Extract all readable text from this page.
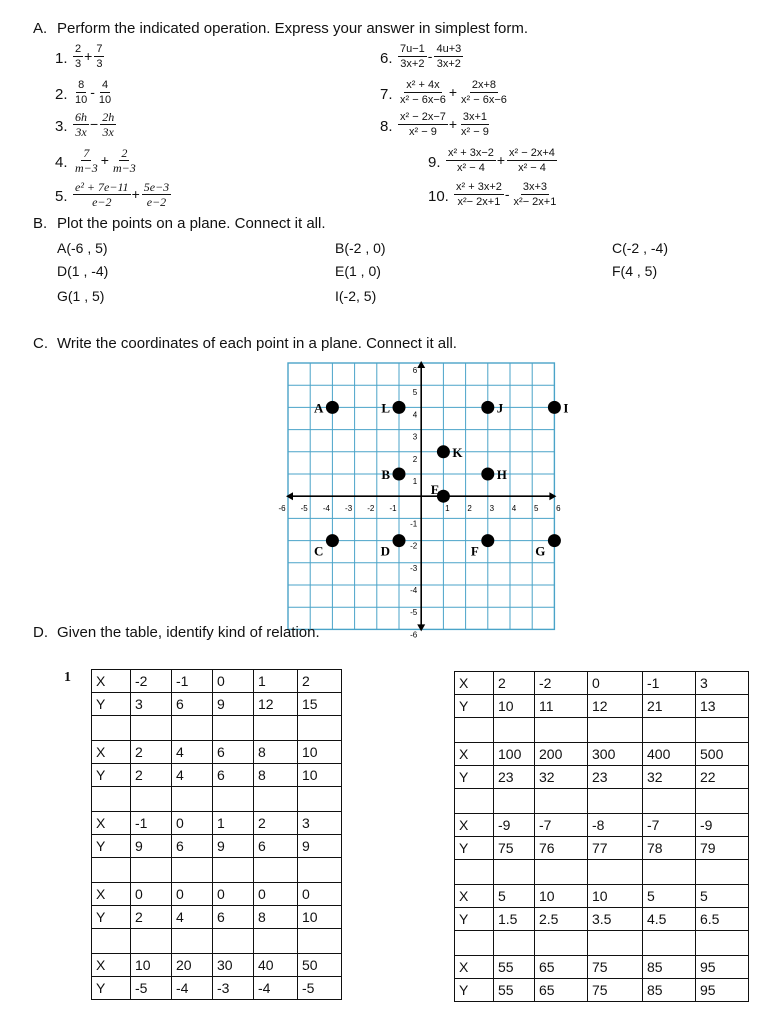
A. Perform the indicated operation. Express your answer in simplest form.
1. $\frac{2}{3} + \frac{7}{3}$
2. $\frac{8}{10} - \frac{4}{10}$
3. $\frac{6h}{3x} - \frac{2h}{3x}$
4. $\frac{7}{m-3} + \frac{2}{m-3}$
5. $\frac{\text{e² + 7e−11}}{e-2} + \frac{5e-3}{e-2}$
6. $\frac{7u-1}{3x+2} - \frac{4u+3}{3x+2}$
7. $\frac{\text{x² + 4x}}{\text{x² − 6x−6}} + \frac{2x+8}{\text{x² − 6x−6}}$
8. $\frac{\text{x² − 2x−7}}{\text{x² − 9}} + \frac{3x+1}{\text{x² − 9}}$
9. $\frac{\text{x² + 3x−2}}{\text{x² − 4}} + \frac{\text{x² − 2x+4}}{\text{x² − 4}}$
10. $\frac{\text{x² + 3x+2}}{\text{x²− 2x+1}} - \frac{3x+3}{\text{x²− 2x+1}}$
B. Plot the points on a plane. Connect it all.
A(-6 , 5)	B(-2 , 0)	C(-2 , -4)
D(1 , -4)	E(1 , 0)	F(4 , 5)
G(1 , 5)	I(-2, 5)
C. Write the coordinates of each point in a plane. Connect it all.
-6 -5 -4 -3 -2 -1	1 2 3 4 5 6
6
5
4
3
2
1
-1
-2
-3
-4
-5
-6
A	L	J	I
K
B	H
E
C	D	F	G
D. Given the table, identify kind of relation.
1 X	-2	-1	0	1	2
Y	3	6	9	12	15

X	2	4	6	8	10
Y	2	4	6	8	10

X	-1	0	1	2	3
Y	9	6	9	6	9

X	0	0	0	0	0
Y	2	4	6	8	10

X	10	20	30	40	50
Y	-5	-4	-3	-4	-5
X	2	-2	0	-1	3
Y	10	11	12	21	13

X	100	200	300	400	500
Y	23	32	23	32	22

X	-9	-7	-8	-7	-9
Y	75	76	77	78	79

X	5	10	10	5	5
Y	1.5	2.5	3.5	4.5	6.5

X	55	65	75	85	95
Y	55	65	75	85	95
